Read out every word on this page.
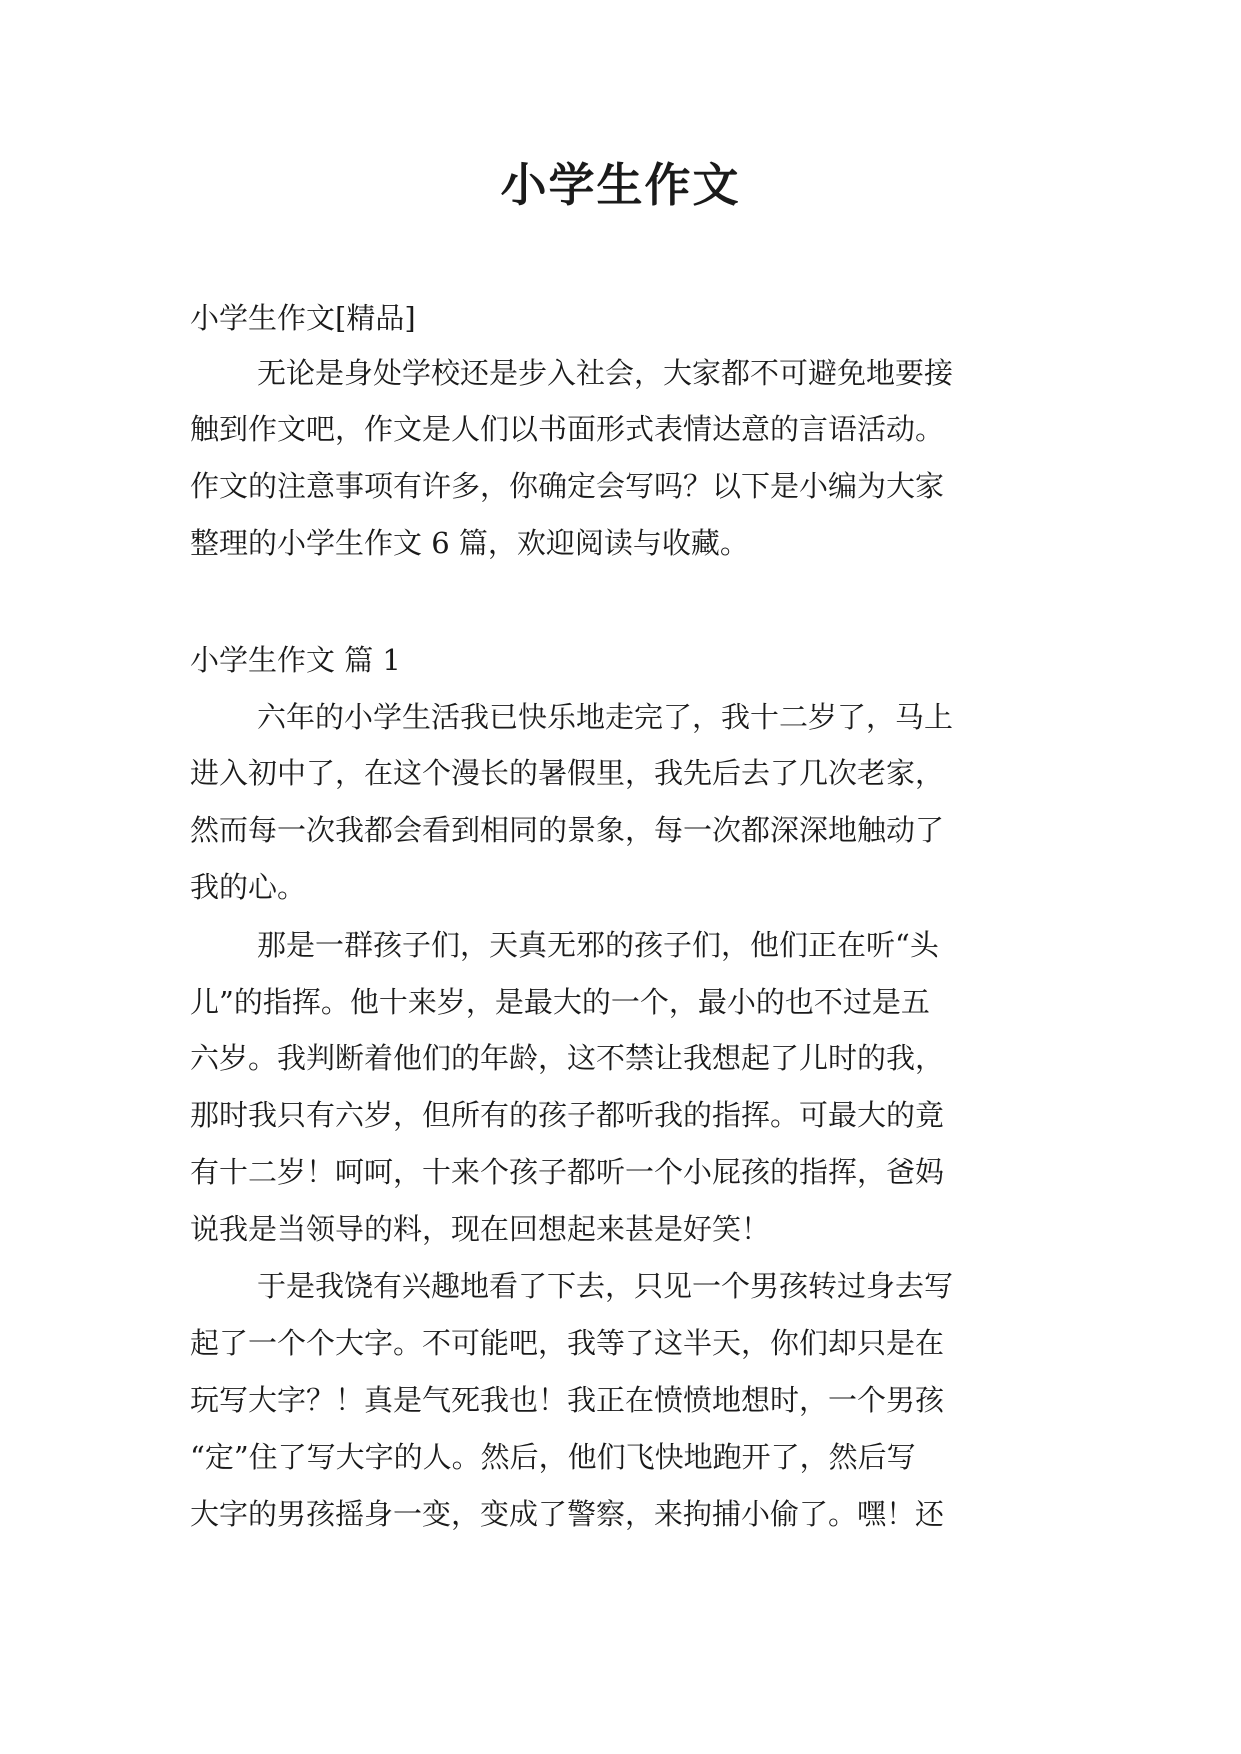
小学生作文

小学生作文[精品]

无论是身处学校还是步入社会，大家都不可避免地要接

触到作文吧，作文是人们以书面形式表情达意的言语活动。

作文的注意事项有许多，你确定会写吗？以下是小编为大家

整理的小学生作文 6 篇，欢迎阅读与收藏。

小学生作文 篇 1

六年的小学生活我已快乐地走完了，我十二岁了，马上

进入初中了，在这个漫长的暑假里，我先后去了几次老家，

然而每一次我都会看到相同的景象，每一次都深深地触动了

我的心。

那是一群孩子们，天真无邪的孩子们，他们正在听“头

儿”的指挥。他十来岁，是最大的一个，最小的也不过是五

六岁。我判断着他们的年龄，这不禁让我想起了儿时的我，

那时我只有六岁，但所有的孩子都听我的指挥。可最大的竟

有十二岁！呵呵，十来个孩子都听一个小屁孩的指挥，爸妈

说我是当领导的料，现在回想起来甚是好笑！

于是我饶有兴趣地看了下去，只见一个男孩转过身去写

起了一个个大字。不可能吧，我等了这半天，你们却只是在

玩写大字？！真是气死我也！我正在愤愤地想时，一个男孩

“定”住了写大字的人。然后，他们飞快地跑开了，然后写

大字的男孩摇身一变，变成了警察，来拘捕小偷了。嘿！还
